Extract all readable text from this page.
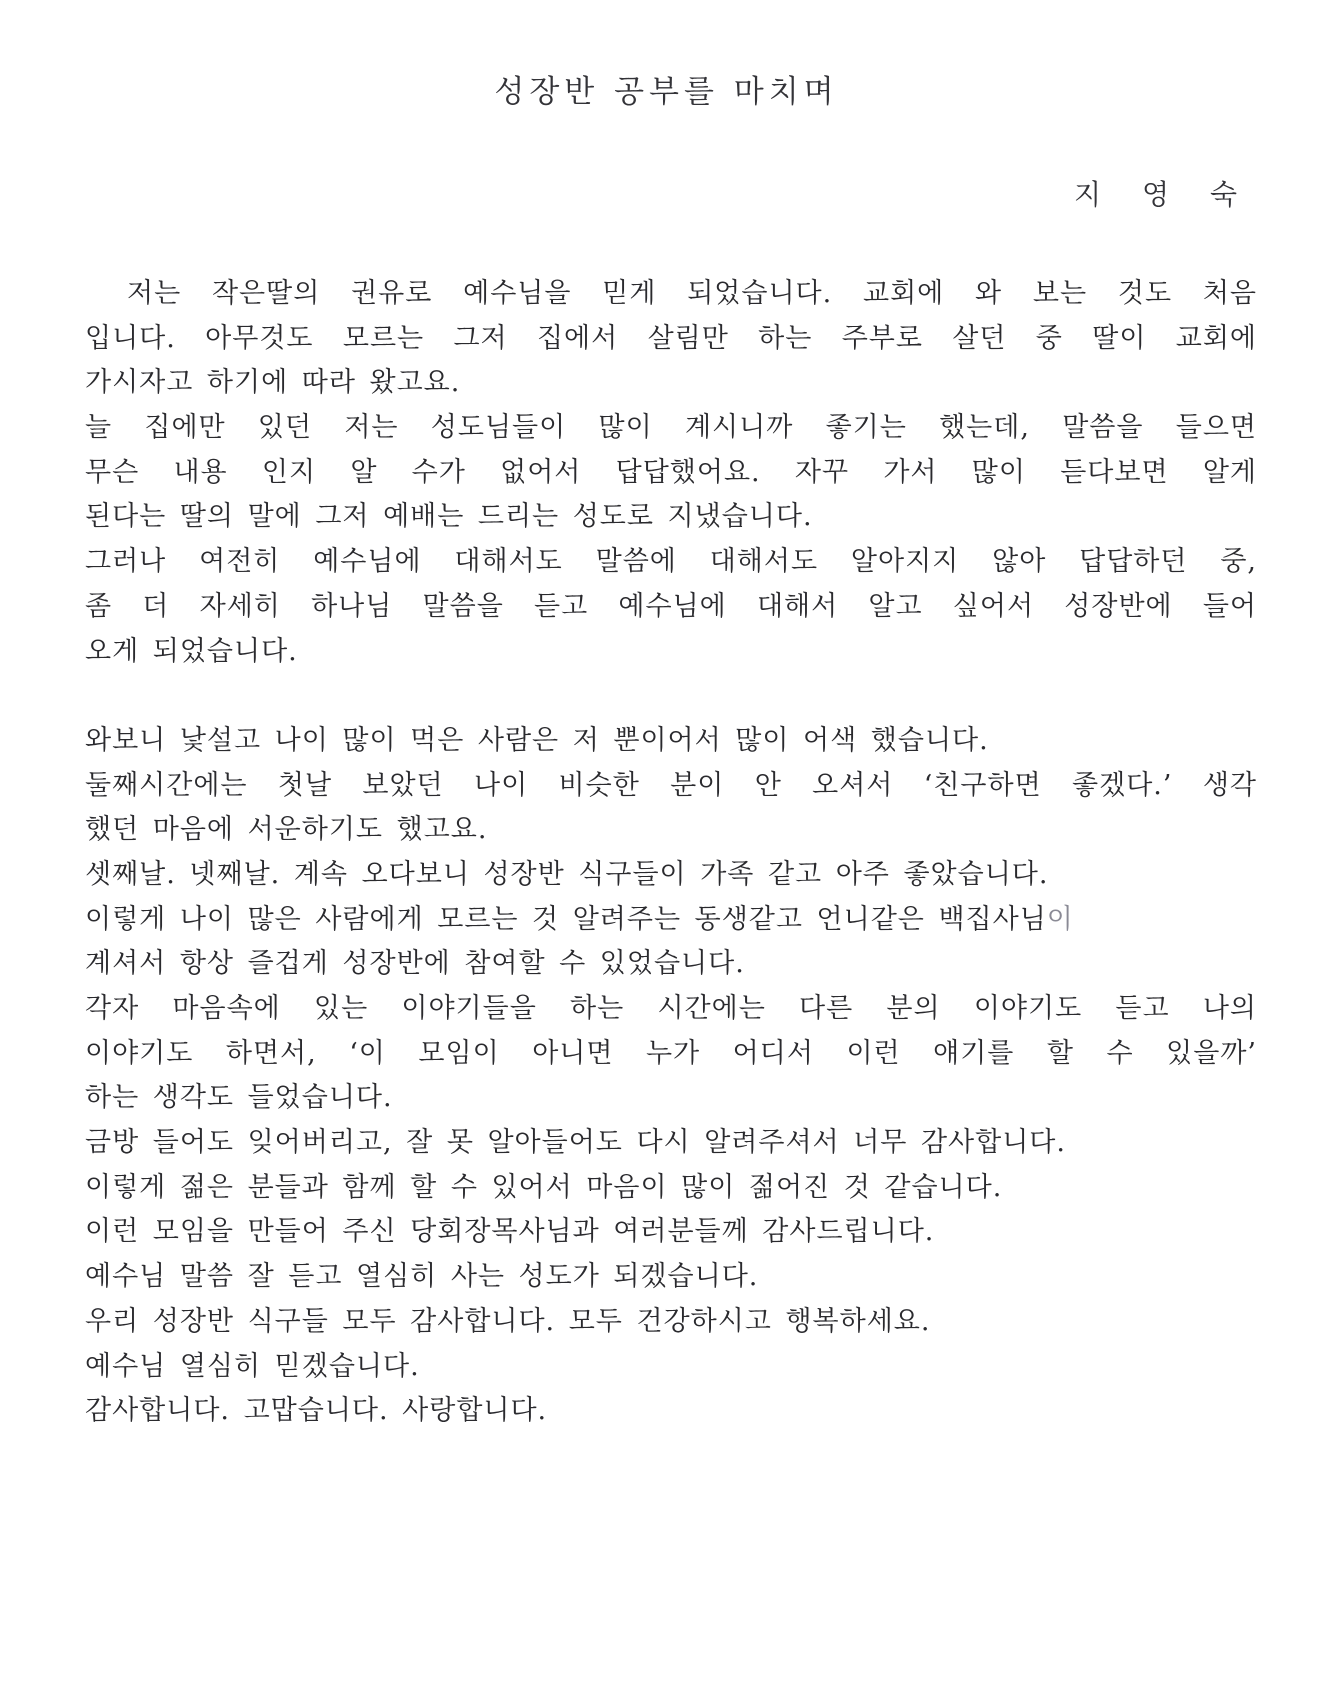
성장반 공부를 마치며
지 영 숙
저는 작은딸의 권유로 예수님을 믿게 되었습니다. 교회에 와 보는 것도 처음
입니다. 아무것도 모르는 그저 집에서 살림만 하는 주부로 살던 중 딸이 교회에
가시자고 하기에 따라 왔고요.
늘 집에만 있던 저는 성도님들이 많이 계시니까 좋기는 했는데, 말씀을 들으면
무슨 내용 인지 알 수가 없어서 답답했어요. 자꾸 가서 많이 듣다보면 알게
된다는 딸의 말에 그저 예배는 드리는 성도로 지냈습니다.
그러나 여전히 예수님에 대해서도 말씀에 대해서도 알아지지 않아 답답하던 중,
좀 더 자세히 하나님 말씀을 듣고 예수님에 대해서 알고 싶어서 성장반에 들어
오게 되었습니다.
와보니 낯설고 나이 많이 먹은 사람은 저 뿐이어서 많이 어색 했습니다.
둘째시간에는 첫날 보았던 나이 비슷한 분이 안 오셔서 ‘친구하면 좋겠다.’ 생각
했던 마음에 서운하기도 했고요.
셋째날. 넷째날. 계속 오다보니 성장반 식구들이 가족 같고 아주 좋았습니다.
이렇게 나이 많은 사람에게 모르는 것 알려주는 동생같고 언니같은 백집사님이
계셔서 항상 즐겁게 성장반에 참여할 수 있었습니다.
각자 마음속에 있는 이야기들을 하는 시간에는 다른 분의 이야기도 듣고 나의
이야기도 하면서, ‘이 모임이 아니면 누가 어디서 이런 얘기를 할 수 있을까’
하는 생각도 들었습니다.
금방 들어도 잊어버리고, 잘 못 알아들어도 다시 알려주셔서 너무 감사합니다.
이렇게 젊은 분들과 함께 할 수 있어서 마음이 많이 젊어진 것 같습니다.
이런 모임을 만들어 주신 당회장목사님과 여러분들께 감사드립니다.
예수님 말씀 잘 듣고 열심히 사는 성도가 되겠습니다.
우리 성장반 식구들 모두 감사합니다. 모두 건강하시고 행복하세요.
예수님 열심히 믿겠습니다.
감사합니다. 고맙습니다. 사랑합니다.
